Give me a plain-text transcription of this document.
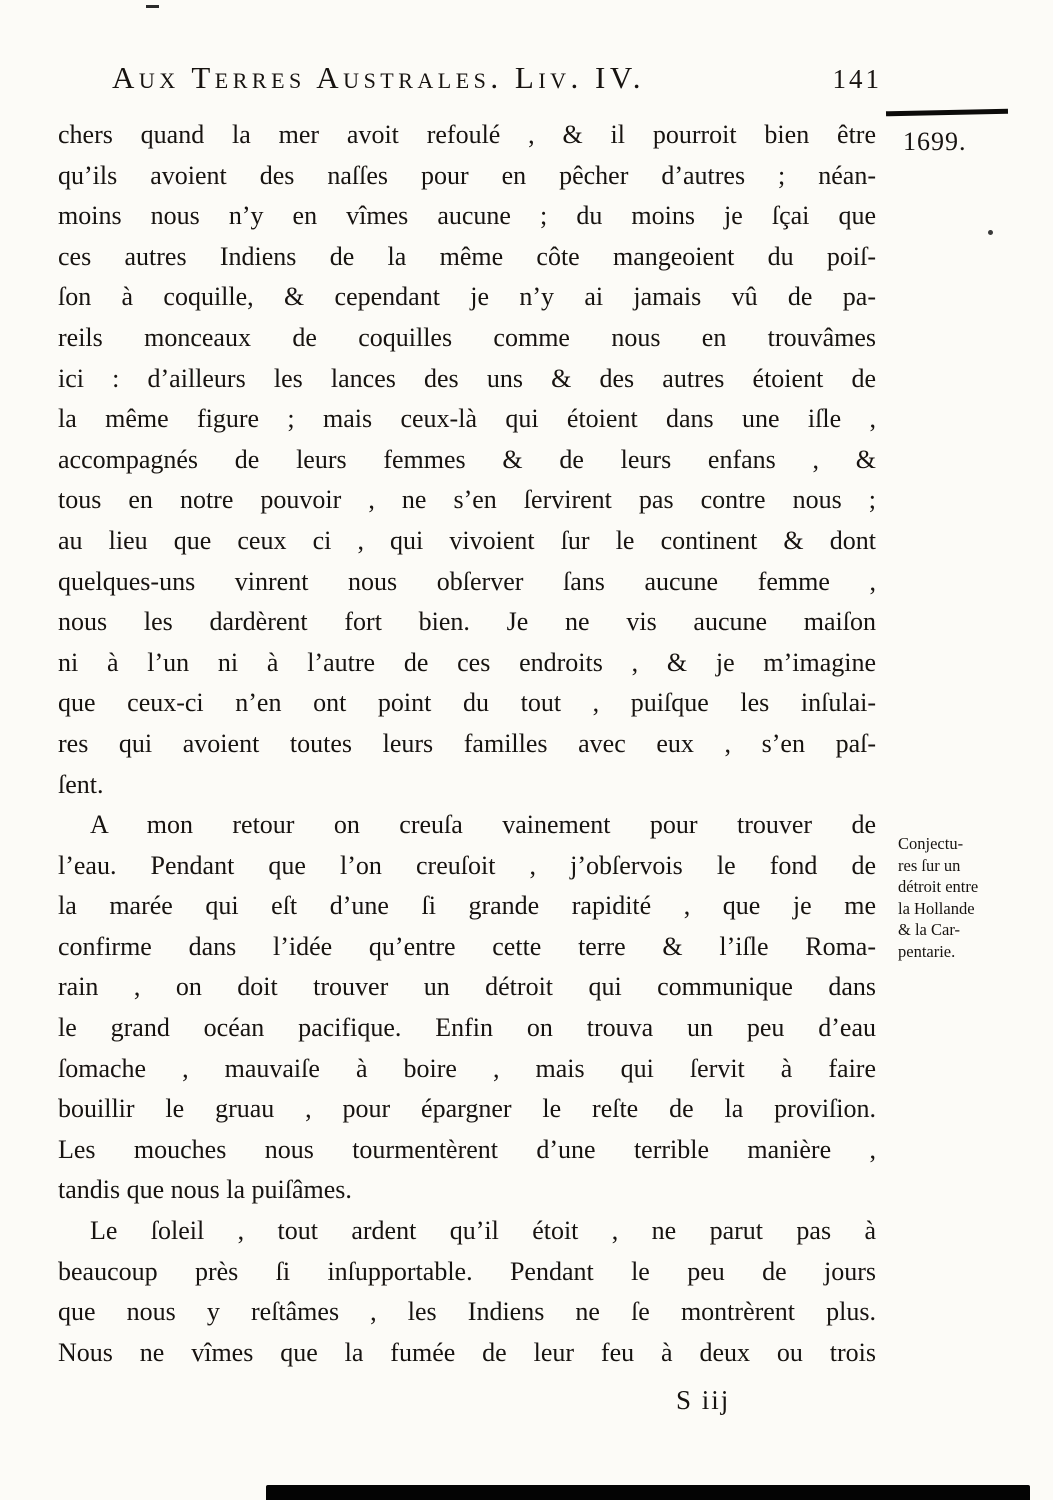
Aux Terres Australes. Liv. IV.	141
1699.
chers quand la mer avoit refoulé , & il pourroit bien être
qu’ils avoient des naſſes pour en pêcher d’autres ; néan-
moins nous n’y en vîmes aucune ; du moins je ſçai que
ces autres Indiens de la même côte mangeoient du poiſ-
ſon à coquille, & cependant je n’y ai jamais vû de pa-
reils monceaux de coquilles comme nous en trouvâmes
ici : d’ailleurs les lances des uns & des autres étoient de
la même figure ; mais ceux-là qui étoient dans une iſle ,
accompagnés de leurs femmes & de leurs enfans , &
tous en notre pouvoir , ne s’en ſervirent pas contre nous ;
au lieu que ceux ci , qui vivoient ſur le continent & dont
quelques-uns vinrent nous obſerver ſans aucune femme ,
nous les dardèrent fort bien. Je ne vis aucune maiſon
ni à l’un ni à l’autre de ces endroits , & je m’imagine
que ceux-ci n’en ont point du tout , puiſque les inſulai-
res qui avoient toutes leurs familles avec eux , s’en paſ-
ſent.
A mon retour on creuſa vainement pour trouver de
l’eau. Pendant que l’on creuſoit , j’obſervois le fond de
la marée qui eſt d’une ſi grande rapidité , que je me
confirme dans l’idée qu’entre cette terre & l’iſle Roma-
rain , on doit trouver un détroit qui communique dans
le grand océan pacifique. Enfin on trouva un peu d’eau
ſomache , mauvaiſe à boire , mais qui ſervit à faire
bouillir le gruau , pour épargner le reſte de la proviſion.
Les mouches nous tourmentèrent d’une terrible manière ,
tandis que nous la puiſâmes.
Le ſoleil , tout ardent qu’il étoit , ne parut pas à
beaucoup près ſi inſupportable. Pendant le peu de jours
que nous y reſtâmes , les Indiens ne ſe montrèrent plus.
Nous ne vîmes que la fumée de leur feu à deux ou trois
Conjectu-
res ſur un
détroit entre
la Hollande
& la Car-
pentarie.
S iij
